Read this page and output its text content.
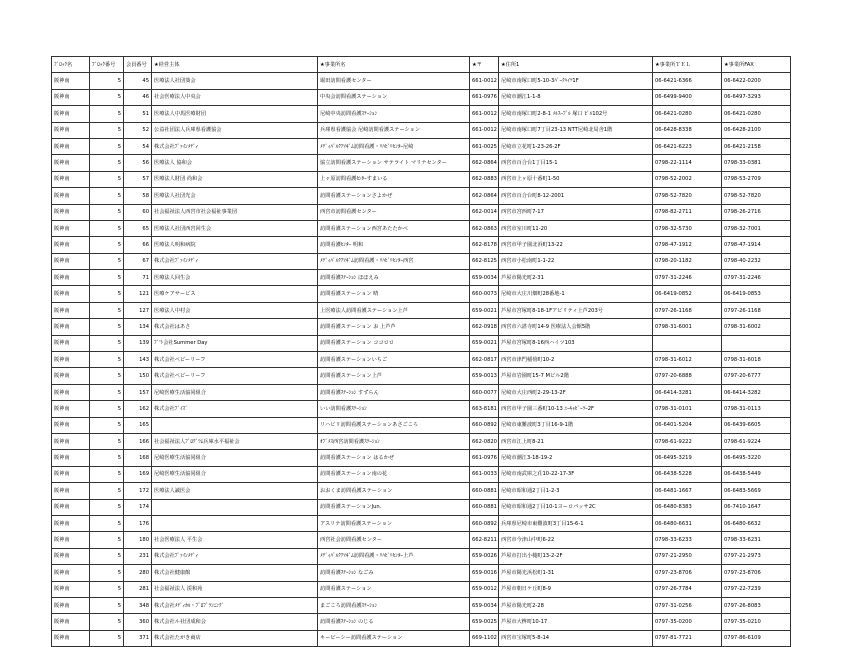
ﾌﾞﾛｯｸ名	ﾌﾞﾛｯｸ番号	会員番号	★経営主体	★事業所名	★〒	★住所1	★事業所ＴＥＬ	★事業所FAX
阪神南	5	45	医療法人社団葵会	堀田訪問看護センター	661-0012	尼崎市南塚口町5-10-3ﾊﾟｰｸﾊｲﾂ1F	06-6421-6366	06-6422-0200
阪神南	5	46	社会医療法人中央会	中央会訪問看護ステーション	661-0976	尼崎市潮江1-1-8	06-6499-9400	06-6497-3293
阪神南	5	51	医療法人中馬医療財団	尼崎中央訪問看護ｽﾃｰｼｮﾝ	661-0012	尼崎市南塚口町2-8-1 ﾒﾙｽｰﾌﾞﾙ 塚口 ﾋﾞﾙ102号	06-6421-0280	06-6421-0280
阪神南	5	52	公益社団法人兵庫県看護協会	兵庫県看護協会 尼崎訪問看護ステーション	661-0012	尼崎市南塚口町7丁目23-13 NTT尼崎北局舎1階	06-6428-8338	06-6428-2100
阪神南	5	54	株式会社ﾌﾟｧｲﾝﾒﾃﾞｨ	ﾒﾃﾞｨﾊﾟﾙｸｱﾏｷﾞﾑ訪問看護・ﾘﾊﾋﾞﾘｾﾝﾀｰ尼崎	661-0025	尼崎市立花町1-23-26-2F	06-6421-6223	06-6421-2158
阪神南	5	56	医療法人 協和会	協立訪問看護ステーション サテライト マリナセンター	662-0864	西宮市百合台1丁目15-1	0798-22-1114	0798-33-0381
阪神南	5	57	医療法人財団 尚和会	上ヶ原訪問看護ｾﾝﾀｰすまいる	662-0883	西宮市上ヶ原十番町1-50	0798-52-2002	0798-53-2709
阪神南	5	58	医療法人社団光会	訪問看護ステーションさよかぜ	662-0864	西宮市百合台町8-12-2001	0798-52-7820	0798-52-7820
阪神南	5	60	社会福祉法人西宮市社会福祉事業団	西宮市訪問看護センター	662-0014	西宮市宮西町7-17	0798-82-2711	0798-26-2716
阪神南	5	65	医療法人社団西宮回生会	訪問看護ステーション西宮あたたかべ	662-0863	西宮市室川町11-20	0798-32-5730	0798-32-7001
阪神南	5	66	医療法人明和病院	訪問看護ｾﾝﾀｰ 明和	662-8178	西宮市甲子園北浜町13-22	0798-47-1912	0798-47-1914
阪神南	5	67	株式会社ﾌﾟｧｲﾝﾒﾃﾞｨ	ﾒﾃﾞｨﾊﾟﾙｸｱﾏｷﾞﾑ訪問看護・ﾘﾊﾋﾞﾘｾﾝﾀｰ西宮	662-8125	西宮市小松南町1-1-22	0798-20-1182	0798-40-2232
阪神南	5	71	医療法人回生会	訪問看護ｽﾃｰｼｮﾝ ほほえみ	659-0034	芦屋市陽光町2-31	0797-31-2246	0797-31-2246
阪神南	5	121	医療ケアサービス	訪問看護ステーション 晴	660-0073	尼崎市大庄川畑町28番地-1	06-6419-0852	06-6419-0853
阪神南	5	127	医療法人中村会	上医療法人訪問看護ステーション上芦	659-0021	芦屋市宮塚町8-18-1Fアビリティ上芦203号	0797-26-1168	0797-26-1168
阪神南	5	134	株式会社はあさ	訪問看護ステーション お 上芦芦	662-0918	西宮市六湛寺町14-9 医療法人会館5階	0798-31-6001	0798-31-6002
阪神南	5	139	ﾌﾞ'ﾄ会社Summer Day	訪問看護ステーション ココロロ	659-0021	芦屋市宮塚町8-16西ハイツ103		
阪神南	5	143	株式会社ベビーリーフ	訪問看護ステーションいちご	662-0817	西宮市津門稲荷町10-2	0798-31-6012	0798-31-6018
阪神南	5	150	株式会社ベビーリーフ	訪問看護ステーション上芦	659-0013	芦屋市岩園町15-7 Mビル2階	0797-20-6888	0797-20-6777
阪神南	5	157	尼崎医療生活協同組合	訪問看護ｽﾃｰｼｮﾝ すずらん	660-0077	尼崎市大庄西町2-29-13-2F	06-6414-3281	06-6414-3282
阪神南	5	162	株式会社ﾌﾞｲｽﾞ	いい訪問看護ｽﾃｰｼｮﾝ	663-8181	西宮市甲子園三番町10-13 ﾕｰｷｬﾋﾟｰﾗｰ2F	0798-31-0101	0798-31-0113
阪神南	5	165		リハビリ訪問看護ステーションあさごころ	660-0892	尼崎市東難波町3丁目16-9-1階	06-6401-5204	06-6439-6605
阪神南	5	166	社会福祉法人ﾌﾟﾛｸﾞﾗﾑ兵庫水平福祉会	ｵﾌﾞﾒｽ西宮訪問看護ｽﾃｰｼｮﾝ	662-0820	西宮市江上町8-21	0798-61-9222	0798-61-9224
阪神南	5	168	尼崎医療生活協同組合	訪問看護ステーション はるかぜ	661-0976	尼崎市潮江3-18-19-2	06-6495-3219	06-6495-3220
阪神南	5	169	尼崎医療生活協同組合	訪問看護ステーション南の花	661-0033	尼崎市南武庫之荘10-22-17-3F	06-6438-5228	06-6438-5449
阪神南	5	172	医療法人誠医会	おおくま訪問看護ステーション	660-0881	尼崎市昭和通2丁目1-2-3	06-6481-1667	06-6483-5669
阪神南	5	174		訪問看護ステーションJun.	660-0881	尼崎市昭和通2丁目10-1ヨーロパッサ2C	06-6480-8383	06-7410-1647
阪神南	5	176		アスリテ訪問看護ステーション	660-0892	兵庫県尼崎市東難波町3丁目15-6-1	06-6480-6631	06-6480-6632
阪神南	5	180	社会医療法人 平生会	西宮社会訪問看護センター	662-8211	西宮市今津山中町6-22	0798-33-6233	0798-33-6231
阪神南	5	231	株式会社ﾌﾟｧｲﾝﾒﾃﾞｨ	ﾒﾃﾞｨﾊﾟﾙｸｱﾏｷﾞﾑ訪問看護・ﾘﾊﾋﾞﾘｾﾝﾀｰ上芦	659-0026	芦屋市打出小槌町13-2-2F	0797-21-2950	0797-21-2973
阪神南	5	280	株式会社健康館	訪問看護ｽﾃｰｼｮﾝ なごみ	659-0016	芦屋市陽光浜松町1-31	0797-23-8706	0797-23-8706
阪神南	5	281	社会福祉法人 渓和苑	訪問看護ステーション	659-0012	芦屋市朝日ケ丘町8-9	0797-26-7784	0797-22-7239
阪神南	5	348	株式会社ﾒﾃﾞｨｶﾙ・ﾌﾟﾛﾌﾟﾗﾝﾆﾝｸﾞ	まごころ訪問看護ｽﾃｰｼｮﾝ	659-0034	芦屋市陽光町2-28	0797-31-0256	0797-26-8083
阪神南	5	360	株式会社ル社団成和会	訪問看護ｽﾃｰｼｮﾝ のじる	659-0025	芦屋市大桝町10-17	0797-35-0200	0797-35-0210
阪神南	5	371	株式会社たがき商店	キーピーシー訪問看護ステーション	669-1102	西宮市宝塚町5-8-14	0797-81-7721	0797-86-6109
